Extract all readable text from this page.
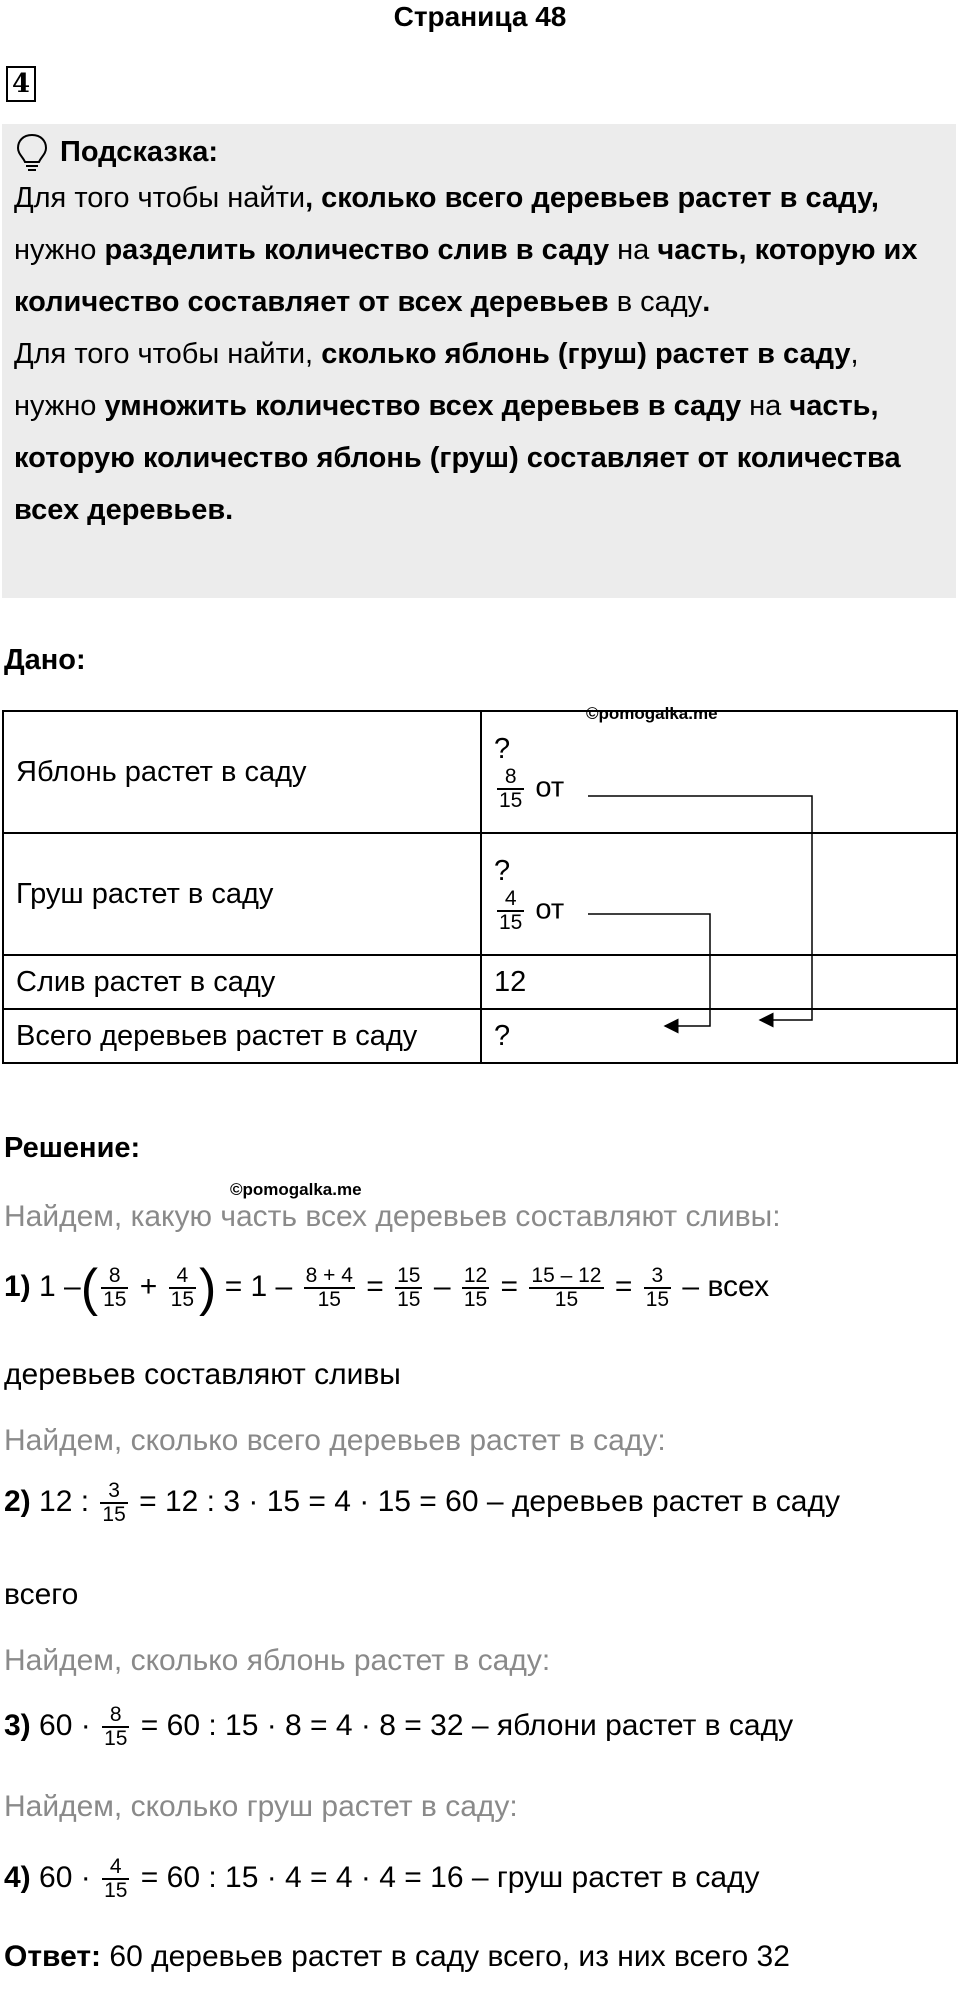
Страница 48
4
Подсказка:
Для того чтобы найти, сколько всего деревьев растет в саду, нужно разделить количество слив в саду на часть, которую их количество составляет от всех деревьев в саду.
Для того чтобы найти, сколько яблонь (груш) растет в саду, нужно умножить количество всех деревьев в саду на часть, которую количество яблонь (груш) составляет от количества всех деревьев.
Дано:
Яблонь растет в саду	?
$\frac{8}{15}$ от

Груш растет в саду	?
$\frac{4}{15}$ от

Слив растет в саду	12
Всего деревьев растет в саду	?
©pomogalka.me
Решение:
©pomogalka.me
Найдем, какую часть всех деревьев составляют сливы:
1) 1 –( $\frac{8}{15} + \frac{4}{15}$ ) = $1 - \frac{8 + 4}{15} = \frac{15}{15} - \frac{12}{15} = \frac{15 - 12}{15} = \frac{3}{15}$ – всех
деревьев составляют сливы
Найдем, сколько всего деревьев растет в саду:
2) 12 : $\frac{3}{15} = 12$ : 3 · 15 = 4 · 15 = 60 – деревьев растет в саду
всего
Найдем, сколько яблонь растет в саду:
3) $60 \cdot \frac{8}{15} = 60$ : 15 · 8 = 4 · 8 = 32 – яблони растет в саду
Найдем, сколько груш растет в саду:
4) $60 \cdot \frac{4}{15} = 60$ : 15 · 4 = 4 · 4 = 16 – груш растет в саду
Ответ: 60 деревьев растет в саду всего, из них всего 32
